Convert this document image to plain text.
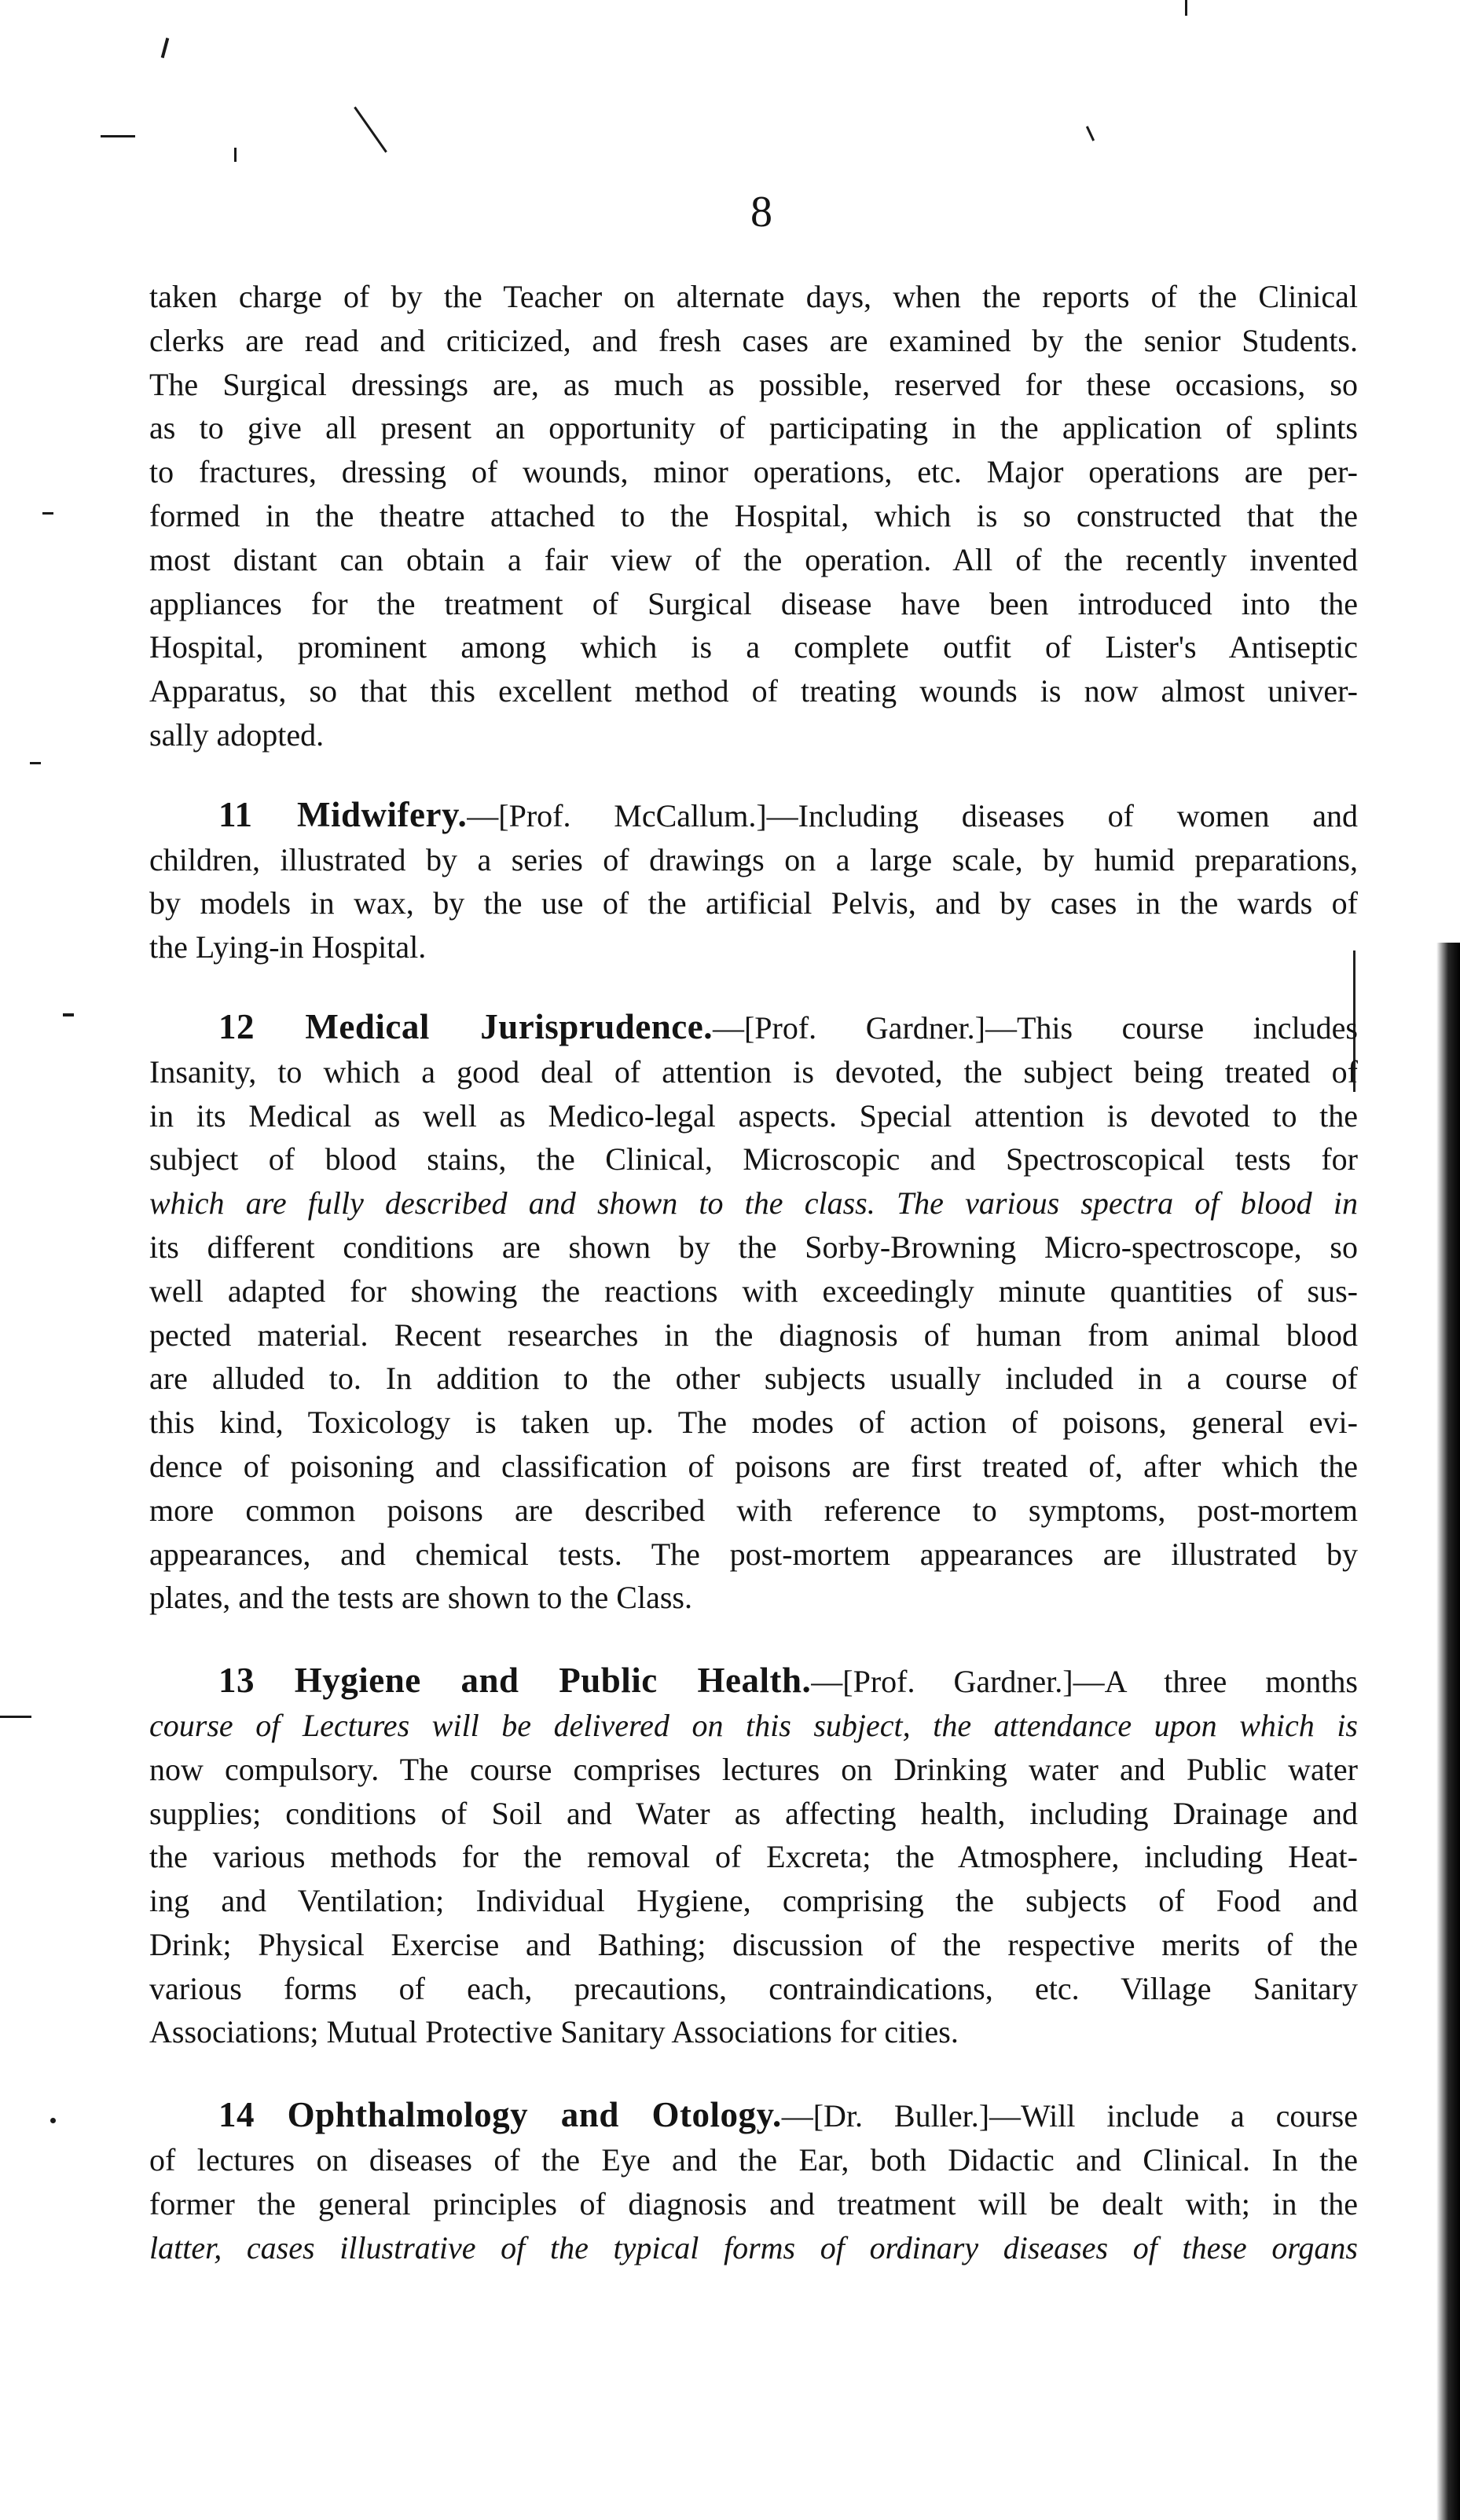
8
taken charge of by the Teacher on alternate days, when the reports of the Clinical
clerks are read and criticized, and fresh cases are examined by the senior Students.
The Surgical dressings are, as much as possible, reserved for these occasions, so
as to give all present an opportunity of participating in the application of splints
to fractures, dressing of wounds, minor operations, etc. Major operations are per-
formed in the theatre attached to the Hospital, which is so constructed that the
most distant can obtain a fair view of the operation. All of the recently invented
appliances for the treatment of Surgical disease have been introduced into the
Hospital, prominent among which is a complete outfit of Lister's Antiseptic
Apparatus, so that this excellent method of treating wounds is now almost univer-
sally adopted.
11 Midwifery.—[Prof. McCallum.]—Including diseases of women and
children, illustrated by a series of drawings on a large scale, by humid preparations,
by models in wax, by the use of the artificial Pelvis, and by cases in the wards of
the Lying-in Hospital.
12 Medical Jurisprudence.—[Prof. Gardner.]—This course includes
Insanity, to which a good deal of attention is devoted, the subject being treated of
in its Medical as well as Medico-legal aspects. Special attention is devoted to the
subject of blood stains, the Clinical, Microscopic and Spectroscopical tests for
which are fully described and shown to the class. The various spectra of blood in
its different conditions are shown by the Sorby-Browning Micro-spectroscope, so
well adapted for showing the reactions with exceedingly minute quantities of sus-
pected material. Recent researches in the diagnosis of human from animal blood
are alluded to. In addition to the other subjects usually included in a course of
this kind, Toxicology is taken up. The modes of action of poisons, general evi-
dence of poisoning and classification of poisons are first treated of, after which the
more common poisons are described with reference to symptoms, post-mortem
appearances, and chemical tests. The post-mortem appearances are illustrated by
plates, and the tests are shown to the Class.
13 Hygiene and Public Health.—[Prof. Gardner.]—A three months
course of Lectures will be delivered on this subject, the attendance upon which is
now compulsory. The course comprises lectures on Drinking water and Public water
supplies; conditions of Soil and Water as affecting health, including Drainage and
the various methods for the removal of Excreta; the Atmosphere, including Heat-
ing and Ventilation; Individual Hygiene, comprising the subjects of Food and
Drink; Physical Exercise and Bathing; discussion of the respective merits of the
various forms of each, precautions, contraindications, etc. Village Sanitary
Associations; Mutual Protective Sanitary Associations for cities.
14 Ophthalmology and Otology.—[Dr. Buller.]—Will include a course
of lectures on diseases of the Eye and the Ear, both Didactic and Clinical. In the
former the general principles of diagnosis and treatment will be dealt with; in the
latter, cases illustrative of the typical forms of ordinary diseases of these organs
